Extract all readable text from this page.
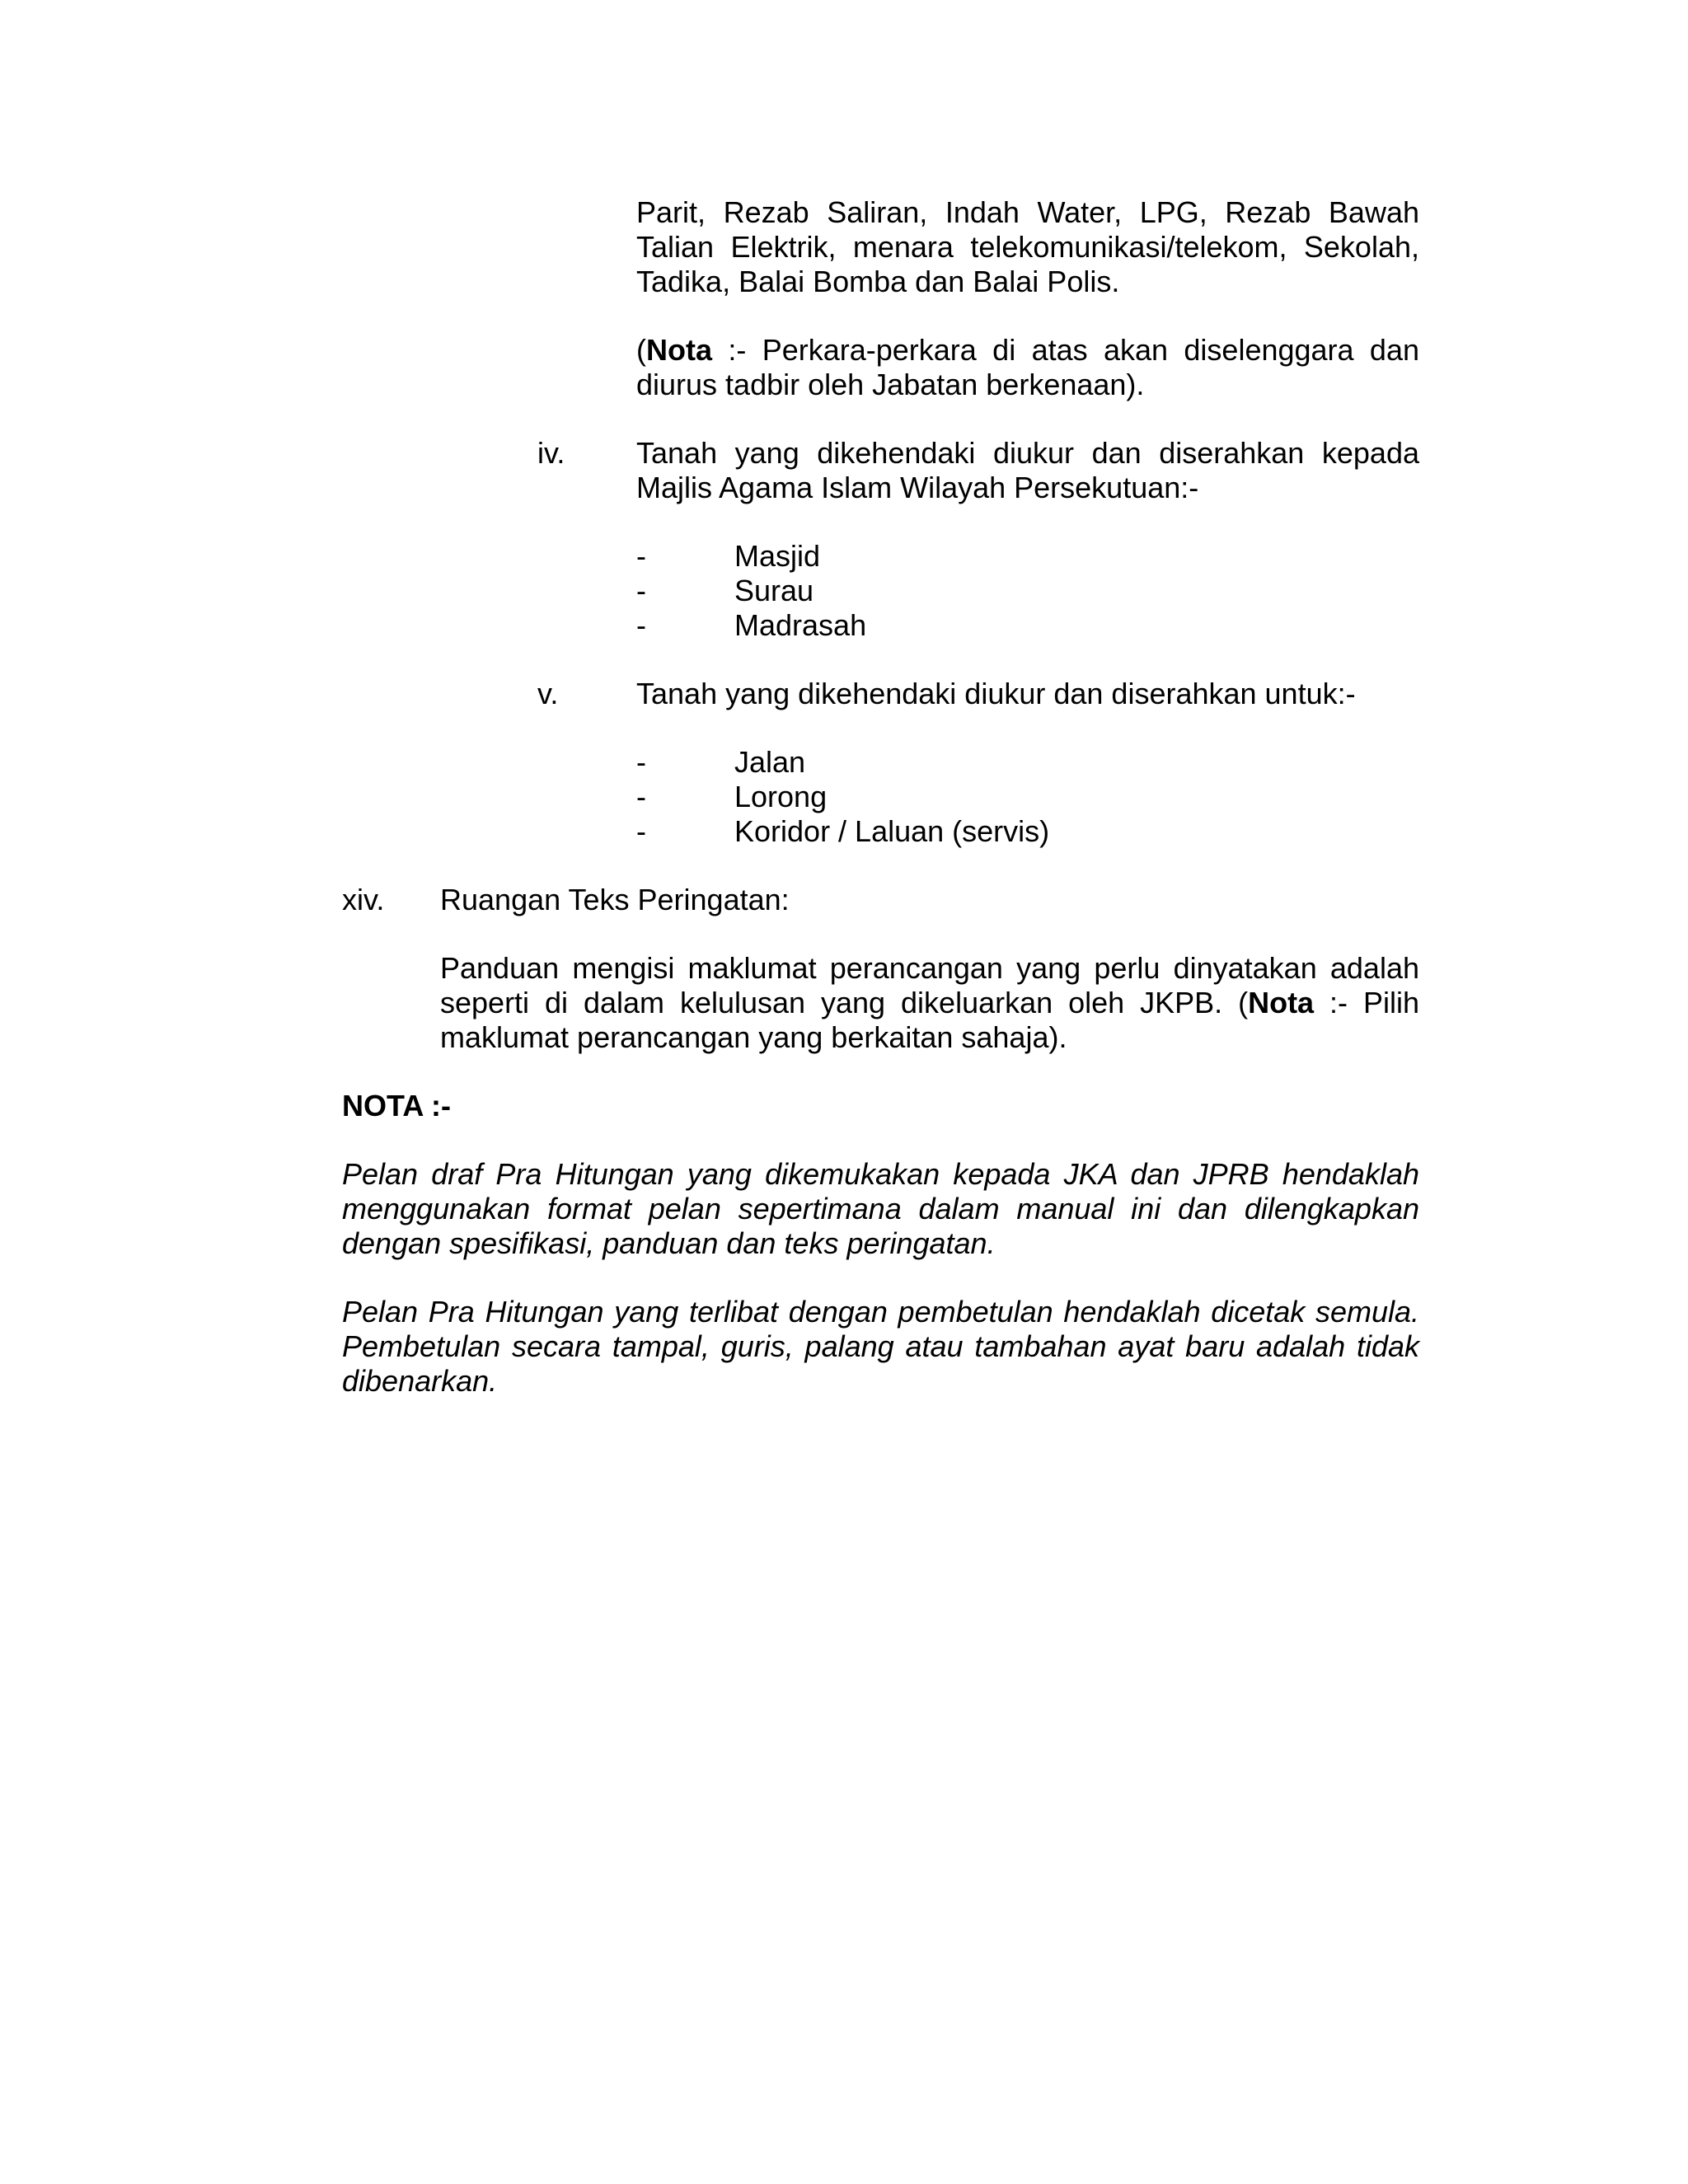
Parit, Rezab Saliran, Indah Water, LPG, Rezab Bawah
Talian Elektrik, menara telekomunikasi/telekom, Sekolah,
Tadika, Balai Bomba dan Balai Polis.
(Nota :- Perkara-perkara di atas akan diselenggara dan
diurus tadbir oleh Jabatan berkenaan).
iv. Tanah yang dikehendaki diukur dan diserahkan kepada
Majlis Agama Islam Wilayah Persekutuan:-
-	Masjid
-	Surau
-	Madrasah
v.	Tanah yang dikehendaki diukur dan diserahkan untuk:-
-	Jalan
-	Lorong
-	Koridor / Laluan (servis)
xiv. Ruangan Teks Peringatan:
Panduan mengisi maklumat perancangan yang perlu dinyatakan adalah
seperti di dalam kelulusan yang dikeluarkan oleh JKPB. (Nota :- Pilih
maklumat perancangan yang berkaitan sahaja).
NOTA :-
Pelan draf Pra Hitungan yang dikemukakan kepada JKA dan JPRB hendaklah
menggunakan format pelan sepertimana dalam manual ini dan dilengkapkan
dengan spesifikasi, panduan dan teks peringatan.
Pelan Pra Hitungan yang terlibat dengan pembetulan hendaklah dicetak semula.
Pembetulan secara tampal, guris, palang atau tambahan ayat baru adalah tidak
dibenarkan.
